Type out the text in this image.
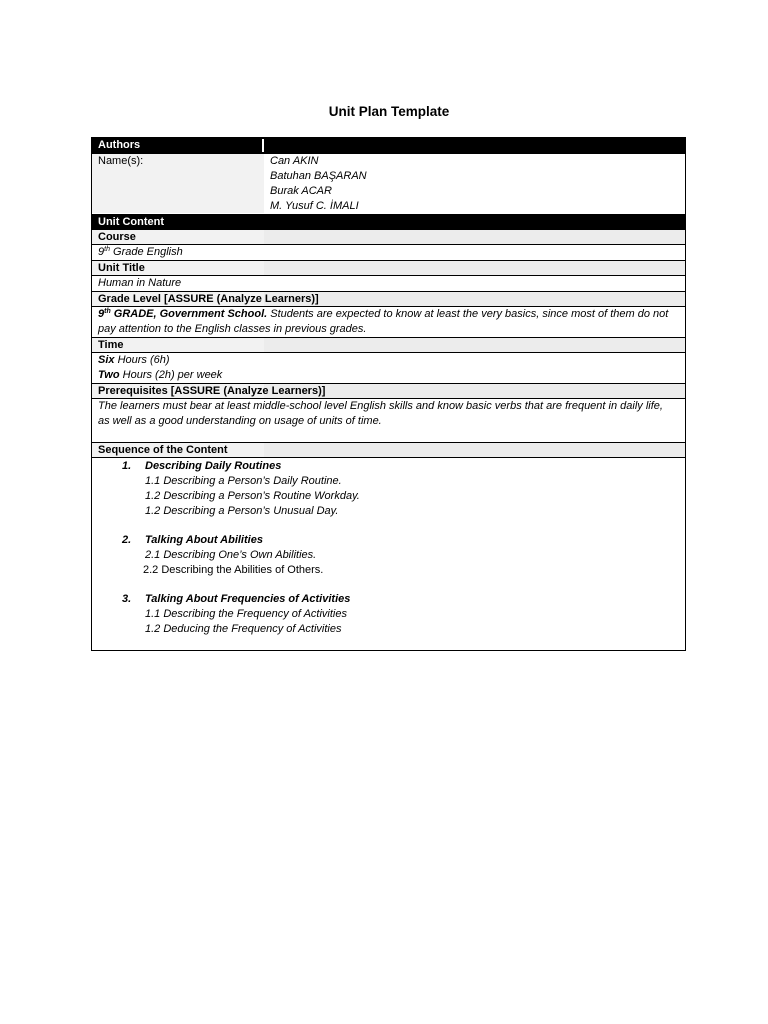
Unit Plan Template
Authors
Name(s):	Can AKIN
Batuhan BAŞARAN
Burak ACAR
M. Yusuf C. İMALI
Unit Content
Course
9th Grade English
Unit Title
Human in Nature
Grade Level [ASSURE (Analyze Learners)]
9th GRADE, Government School. Students are expected to know at least the very basics, since most of them do not pay attention to the English classes in previous grades.
Time
Six Hours (6h)
Two Hours (2h) per week
Prerequisites [ASSURE (Analyze Learners)]
The learners must bear at least middle-school level English skills and know basic verbs that are frequent in daily life, as well as a good understanding on usage of units of time.
Sequence of the Content
1. Describing Daily Routines
1.1 Describing a Person’s Daily Routine.
1.2 Describing a Person’s Routine Workday.
1.2 Describing a Person’s Unusual Day.
2. Talking About Abilities
2.1 Describing One’s Own Abilities.
2.2 Describing the Abilities of Others.
3. Talking About Frequencies of Activities
1.1 Describing the Frequency of Activities
1.2 Deducing the Frequency of Activities
